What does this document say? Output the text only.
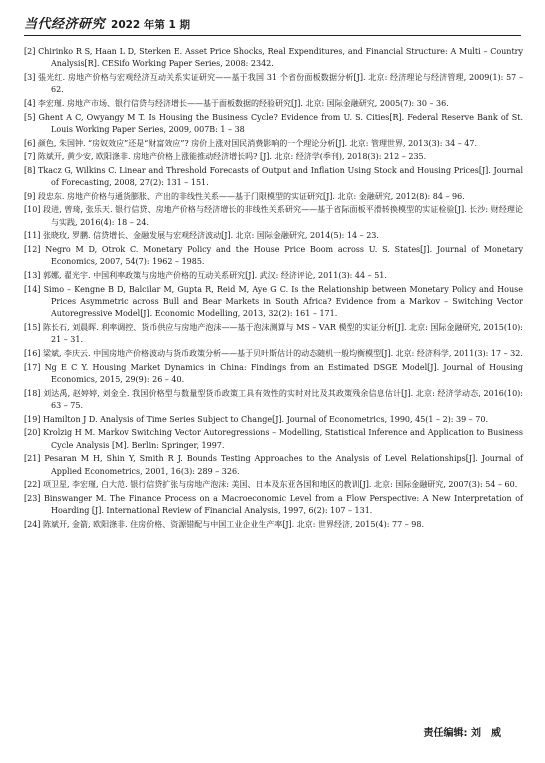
当代经济研究 2022 年第 1 期
[2] Chirinko R S, Haan L D, Sterken E. Asset Price Shocks, Real Expenditures, and Financial Structure: A Multi – Country Analysis[R]. CESifo Working Paper Series, 2008: 2342.
[3] 張光红. 房地产价格与宏观经济互动关系实证研究——基于我国 31 个省份面板数据分析[J]. 北京: 经济理论与经济管理, 2009(1): 57 – 62.
[4] 李宏瑾. 房地产市场、银行信贷与经济增长——基于面板数据的经验研究[J]. 北京: 国际金融研究, 2005(7): 30 – 36.
[5] Ghent A C, Owyangy M T. Is Housing the Business Cycle? Evidence from U. S. Cities[R]. Federal Reserve Bank of St. Louis Working Paper Series, 2009, 007B: 1 – 38
[6] 颜色, 朱国钟. “房奴效应”还是“财富效应”? 房价上涨对国民消费影响的一个理论分析[J]. 北京: 管理世界, 2013(3): 34 – 47.
[7] 陈斌开, 黄少安, 欧阳涤非. 房地产价格上涨能推动经济增长吗? [J]. 北京: 经济学(季刊), 2018(3): 212 – 235.
[8] Tkacz G, Wilkins C. Linear and Threshold Forecasts of Output and Inflation Using Stock and Housing Prices[J]. Journal of Forecasting, 2008, 27(2): 131 – 151.
[9] 段忠东. 房地产价格与通货膨胀、产出的非线性关系——基于门限模型的实证研究[J]. 北京: 金融研究, 2012(8): 84 – 96.
[10] 段进, 曾琦, 张乐天. 银行信贷、房地产价格与经济增长的非线性关系研究——基于省际面板平滑转换模型的实证检验[J]. 长沙: 财经理论与实践, 2016(4): 18 – 24.
[11] 张晓玫, 罗鹏. 信贷增长、金融发展与宏观经济波动[J]. 北京: 国际金融研究, 2014(5): 14 – 23.
[12] Negro M D, Otrok C. Monetary Policy and the House Price Boom across U. S. States[J]. Journal of Monetary Economics, 2007, 54(7): 1962 – 1985.
[13] 郭娜, 翟光宇. 中国利率政策与房地产价格的互动关系研究[J]. 武汉: 经济评论, 2011(3): 44 – 51.
[14] Simo – Kengne B D, Balcilar M, Gupta R, Reid M, Aye G C. Is the Relationship between Monetary Policy and House Prices Asymmetric across Bull and Bear Markets in South Africa? Evidence from a Markov – Switching Vector Autoregressive Model[J]. Economic Modelling, 2013, 32(2): 161 – 171.
[15] 陈长石, 刘晨晖. 利率调控、货币供应与房地产泡沫——基于泡沫测算与 MS – VAR 模型的实证分析[J]. 北京: 国际金融研究, 2015(10): 21 – 31.
[16] 梁斌, 李庆云. 中国房地产价格波动与货币政策分析——基于贝叶斯估计的动态随机一般均衡模型[J]. 北京: 经济科学, 2011(3): 17 – 32.
[17] Ng E C Y. Housing Market Dynamics in China: Findings from an Estimated DSGE Model[J]. Journal of Housing Economics, 2015, 29(9): 26 – 40.
[18] 刘达禹, 赵婷婷, 刘金全. 我国价格型与数量型货币政策工具有效性的实时对比及其政策残余信息估计[J]. 北京: 经济学动态, 2016(10): 63 – 75.
[19] Hamilton J D. Analysis of Time Series Subject to Change[J]. Journal of Econometrics, 1990, 45(1 – 2): 39 – 70.
[20] Krolzig H M. Markov Switching Vector Autoregressions – Modelling, Statistical Inference and Application to Business Cycle Analysis [M]. Berlin: Springer, 1997.
[21] Pesaran M H, Shin Y, Smith R J. Bounds Testing Approaches to the Analysis of Level Relationships[J]. Journal of Applied Econometrics, 2001, 16(3): 289 – 326.
[22] 项卫星, 李宏瑾, 白大范. 银行信贷扩张与房地产泡沫: 美国、日本及东亚各国和地区的教训[J]. 北京: 国际金融研究, 2007(3): 54 – 60.
[23] Binswanger M. The Finance Process on a Macroeconomic Level from a Flow Perspective: A New Interpretation of Hoarding [J]. International Review of Financial Analysis, 1997, 6(2): 107 – 131.
[24] 陈斌开, 金箭, 欧阳涤非. 住房价格、资源错配与中国工业企业生产率[J]. 北京: 世界经济, 2015(4): 77 – 98.
责任编辑: 刘　威
